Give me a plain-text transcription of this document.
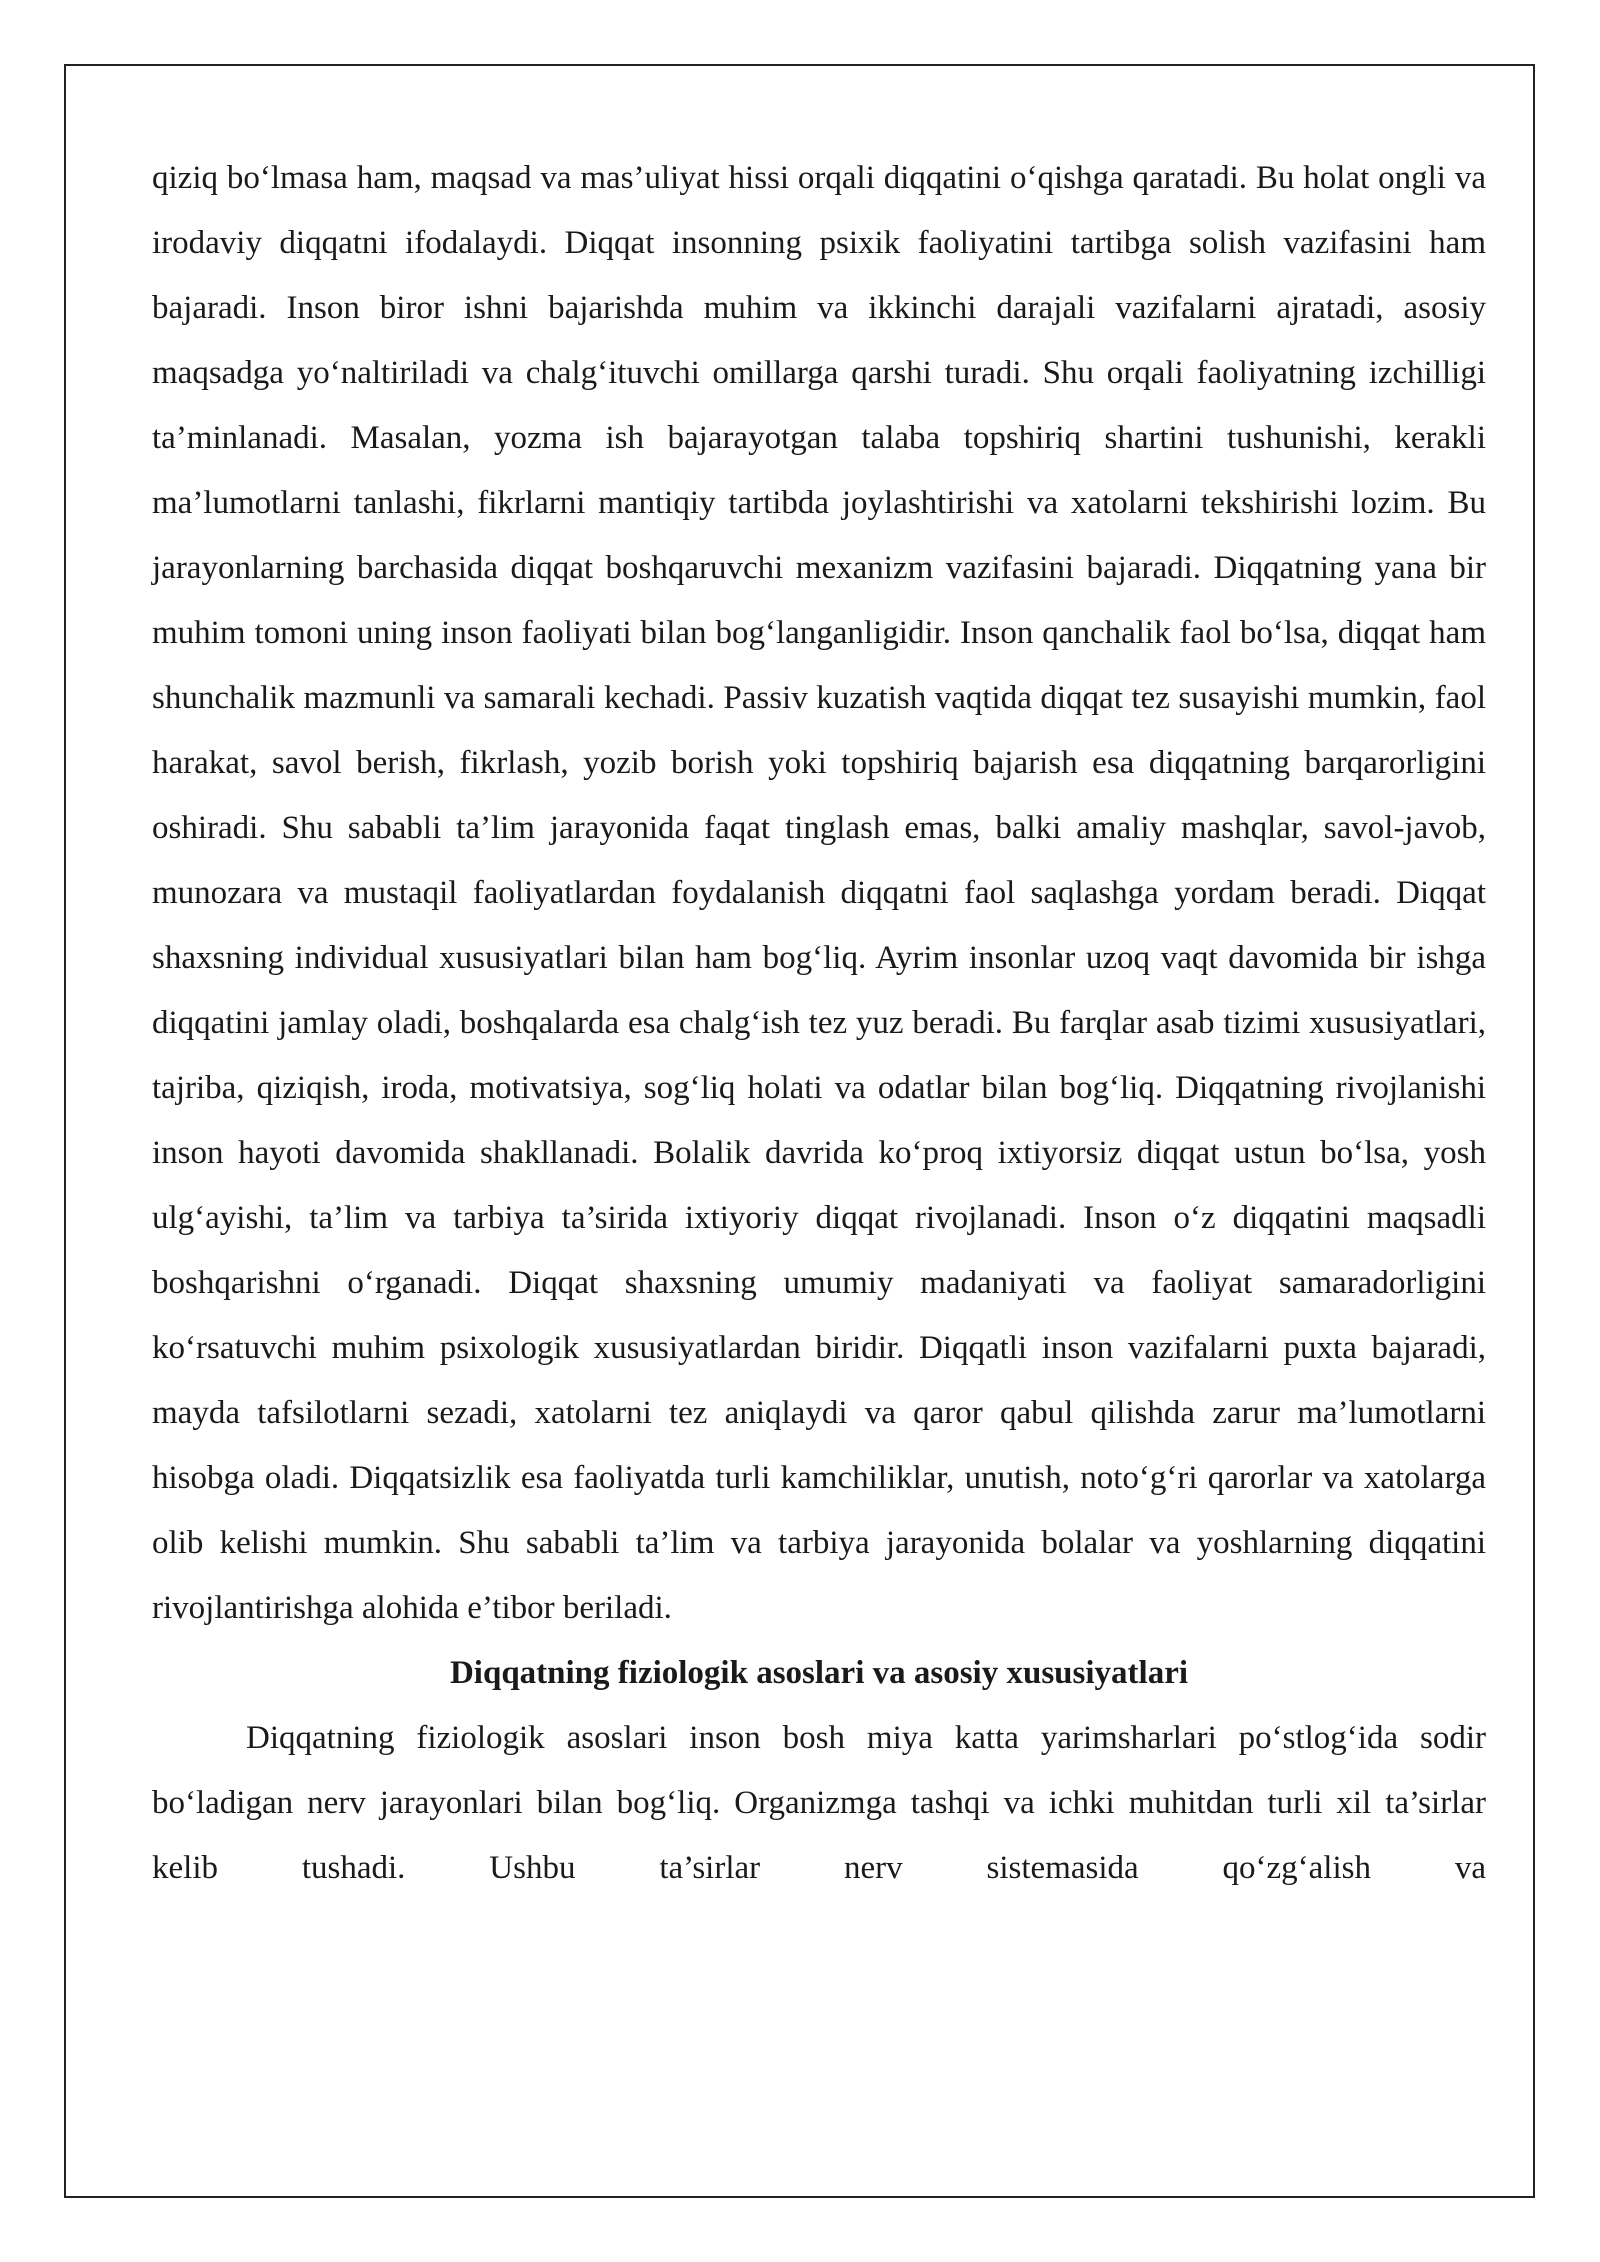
qiziq bo‘lmasa ham, maqsad va mas’uliyat hissi orqali diqqatini o‘qishga qaratadi. Bu holat ongli va irodaviy diqqatni ifodalaydi. Diqqat insonning psixik faoliyatini tartibga solish vazifasini ham bajaradi. Inson biror ishni bajarishda muhim va ikkinchi darajali vazifalarni ajratadi, asosiy maqsadga yo‘naltiriladi va chalg‘ituvchi omillarga qarshi turadi. Shu orqali faoliyatning izchilligi ta’minlanadi. Masalan, yozma ish bajarayotgan talaba topshiriq shartini tushunishi, kerakli ma’lumotlarni tanlashi, fikrlarni mantiqiy tartibda joylashtirishi va xatolarni tekshirishi lozim. Bu jarayonlarning barchasida diqqat boshqaruvchi mexanizm vazifasini bajaradi. Diqqatning yana bir muhim tomoni uning inson faoliyati bilan bog‘langanligidir. Inson qanchalik faol bo‘lsa, diqqat ham shunchalik mazmunli va samarali kechadi. Passiv kuzatish vaqtida diqqat tez susayishi mumkin, faol harakat, savol berish, fikrlash, yozib borish yoki topshiriq bajarish esa diqqatning barqarorligini oshiradi. Shu sababli ta’lim jarayonida faqat tinglash emas, balki amaliy mashqlar, savol-javob, munozara va mustaqil faoliyatlardan foydalanish diqqatni faol saqlashga yordam beradi. Diqqat shaxsning individual xususiyatlari bilan ham bog‘liq. Ayrim insonlar uzoq vaqt davomida bir ishga diqqatini jamlay oladi, boshqalarda esa chalg‘ish tez yuz beradi. Bu farqlar asab tizimi xususiyatlari, tajriba, qiziqish, iroda, motivatsiya, sog‘liq holati va odatlar bilan bog‘liq. Diqqatning rivojlanishi inson hayoti davomida shakllanadi. Bolalik davrida ko‘proq ixtiyorsiz diqqat ustun bo‘lsa, yosh ulg‘ayishi, ta’lim va tarbiya ta’sirida ixtiyoriy diqqat rivojlanadi. Inson o‘z diqqatini maqsadli boshqarishni o‘rganadi. Diqqat shaxsning umumiy madaniyati va faoliyat samaradorligini ko‘rsatuvchi muhim psixologik xususiyatlardan biridir. Diqqatli inson vazifalarni puxta bajaradi, mayda tafsilotlarni sezadi, xatolarni tez aniqlaydi va qaror qabul qilishda zarur ma’lumotlarni hisobga oladi. Diqqatsizlik esa faoliyatda turli kamchiliklar, unutish, noto‘g‘ri qarorlar va xatolarga olib kelishi mumkin. Shu sababli ta’lim va tarbiya jarayonida bolalar va yoshlarning diqqatini rivojlantirishga alohida e’tibor beriladi.

Diqqatning fiziologik asoslari va asosiy xususiyatlari

Diqqatning fiziologik asoslari inson bosh miya katta yarimsharlari po‘stlog‘ida sodir bo‘ladigan nerv jarayonlari bilan bog‘liq. Organizmga tashqi va ichki muhitdan turli xil ta’sirlar kelib tushadi. Ushbu ta’sirlar nerv sistemasida qo‘zg‘alish va
